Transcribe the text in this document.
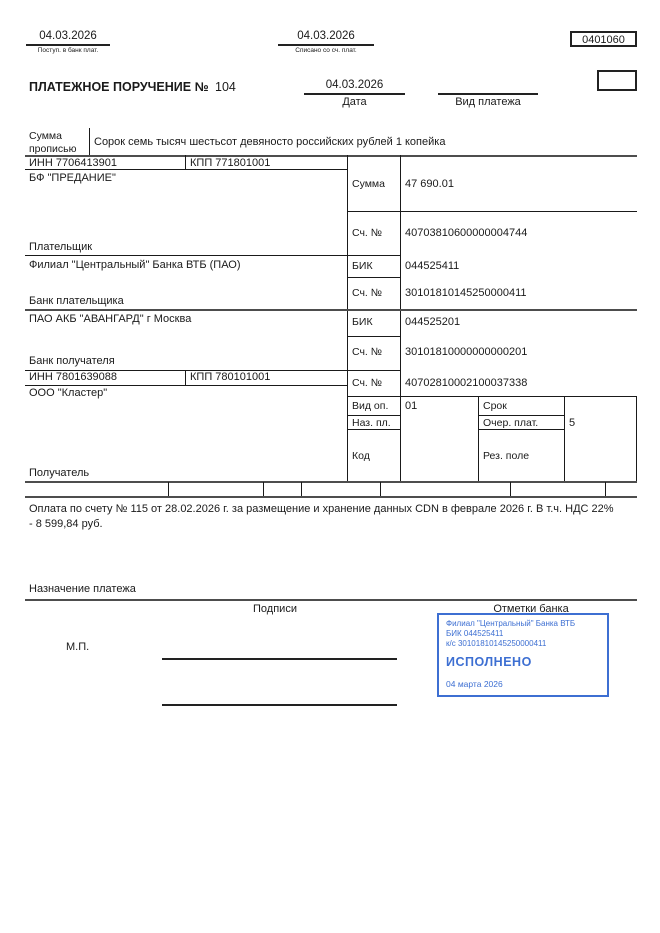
04.03.2026
Поступ. в банк плат.
04.03.2026
Списано со сч. плат.
0401060
ПЛАТЕЖНОЕ ПОРУЧЕНИЕ № 104	04.03.2026
Дата	Вид платежа
Сумма прописью
Сорок семь тысяч шестьсот девяносто российских рублей 1 копейка
ИНН 7706413901	КПП 771801001
БФ "ПРЕДАНИЕ"	Сумма 47 690.01
Сч. № 40703810600000004744
Плательщик
Филиал "Центральный" Банка ВТБ (ПАО)	БИК	044525411
Сч. № 30101810145250000411
Банк плательщика
ПАО АКБ "АВАНГАРД" г Москва	БИК	044525201
Сч. № 30101810000000000201
Банк получателя
ИНН 7801639088	КПП 780101001	Сч. № 40702810002100037338
ООО "Кластер"
Вид оп. 01	Срок
Наз. пл.	Очер. плат.	5
Код	Рез. поле
Получатель
Оплата по счету № 115 от 28.02.2026 г. за размещение и хранение данных CDN в феврале 2026 г. В т.ч. НДС 22%
- 8 599,84 руб.
Назначение платежа
Подписи	Отметки банка
М.П.
Филиал "Центральный" Банка ВТБ
БИК 044525411
к/с 30101810145250000411
ИСПОЛНЕНО
04 марта 2026
